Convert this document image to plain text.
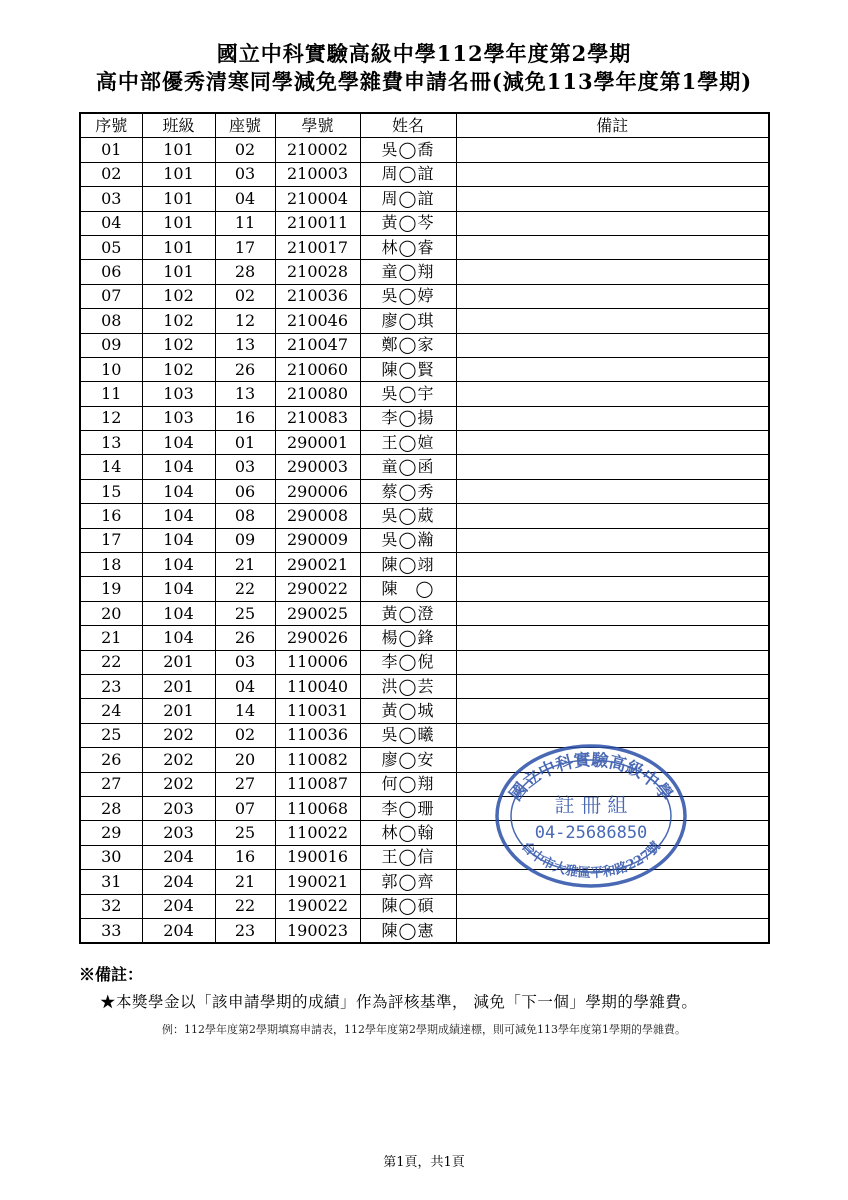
國立中科實驗高級中學112學年度第2學期
高中部優秀清寒同學減免學雜費申請名冊(減免113學年度第1學期)
序號	班級	座號	學號	姓名	備註
01	101	02	210002	吳◯喬	
02	101	03	210003	周◯誼	
03	101	04	210004	周◯誼	
04	101	11	210011	黃◯芩	
05	101	17	210017	林◯睿	
06	101	28	210028	童◯翔	
07	102	02	210036	吳◯婷	
08	102	12	210046	廖◯琪	
09	102	13	210047	鄭◯家	
10	102	26	210060	陳◯賢	
11	103	13	210080	吳◯宇	
12	103	16	210083	李◯揚	
13	104	01	290001	王◯媗	
14	104	03	290003	童◯函	
15	104	06	290006	蔡◯秀	
16	104	08	290008	吳◯葳	
17	104	09	290009	吳◯瀚	
18	104	21	290021	陳◯翊	
19	104	22	290022	陳　◯	
20	104	25	290025	黃◯澄	
21	104	26	290026	楊◯鋒	
22	201	03	110006	李◯倪	
23	201	04	110040	洪◯芸	
24	201	14	110031	黃◯城	
25	202	02	110036	吳◯曦	
26	202	20	110082	廖◯安	
27	202	27	110087	何◯翔	
28	203	07	110068	李◯珊	
29	203	25	110022	林◯翰	
30	204	16	190016	王◯信	
31	204	21	190021	郭◯齊	
32	204	22	190022	陳◯碩	
33	204	23	190023	陳◯憲	
國立中科實驗高級中學
台中市大雅區平和路227號
註 冊 組
04-25686850
※備註：
★本獎學金以「該申請學期的成績」作為評核基準， 減免「下一個」學期的學雜費。
例：112學年度第2學期填寫申請表，112學年度第2學期成績達標，則可減免113學年度第1學期的學雜費。
第1頁，共1頁
